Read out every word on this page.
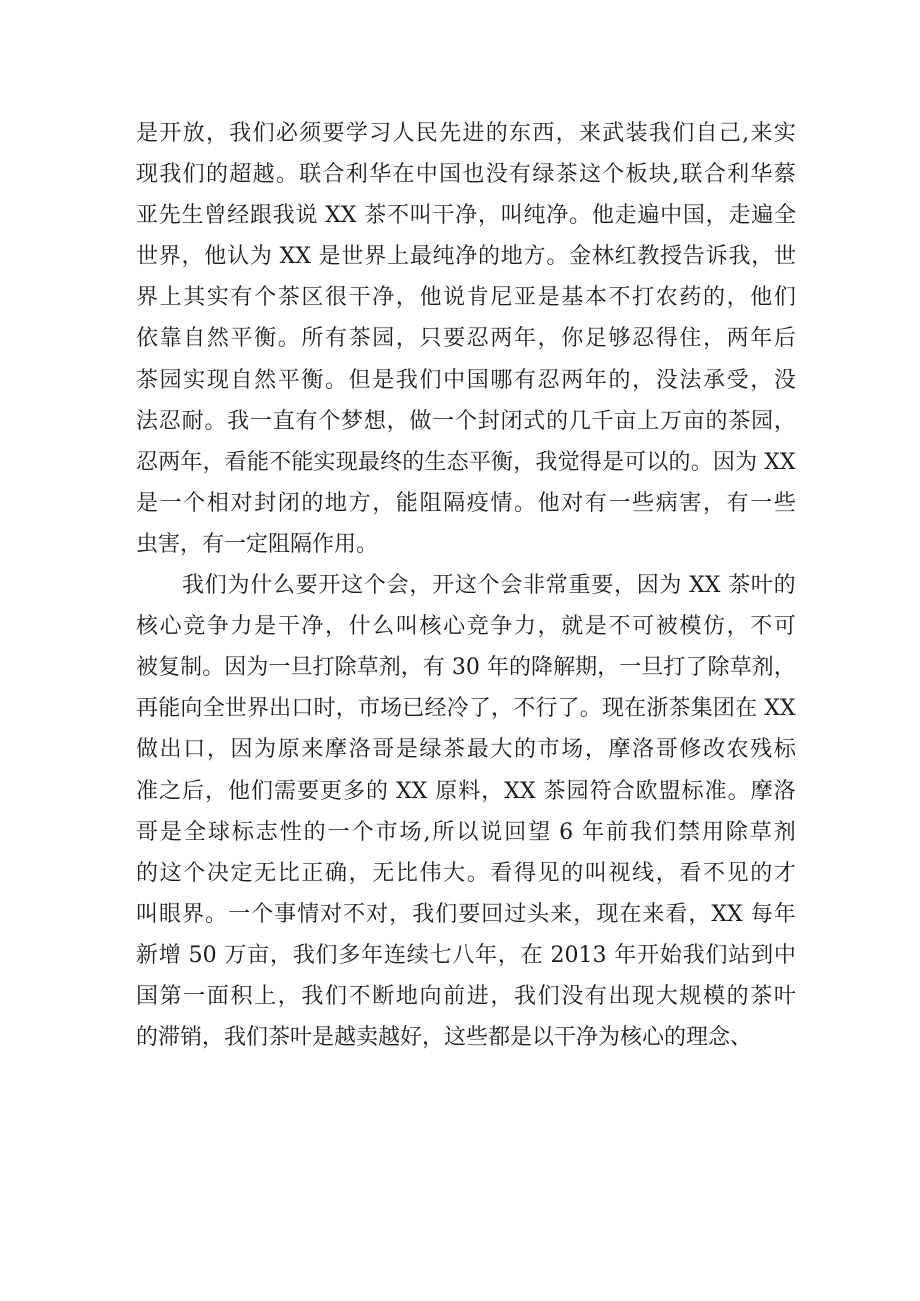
是 开 放 ， 我 们 必 须 要 学 习 人 民 先 进 的 东 西 ， 来 武 装 我 们 自 己 , 来 实
现 我 们 的 超 越 。 联 合 利 华 在 中 国 也 没 有 绿 茶 这 个 板 块 , 联 合 利 华 蔡
亚 先 生 曾 经 跟 我 说 XX 茶 不 叫 干 净 ， 叫 纯 净 。 他 走 遍 中 国 ， 走 遍 全
世 界 ， 他 认 为 XX 是 世 界 上 最 纯 净 的 地 方 。 金 林 红 教 授 告 诉 我 ， 世
界 上 其 实 有 个 茶 区 很 干 净 ， 他 说 肯 尼 亚 是 基 本 不 打 农 药 的 ， 他 们
依 靠 自 然 平 衡 。 所 有 茶 园 ， 只 要 忍 两 年 ， 你 足 够 忍 得 住 ， 两 年 后
茶 园 实 现 自 然 平 衡 。 但 是 我 们 中 国 哪 有 忍 两 年 的 ， 没 法 承 受 ， 没
法 忍 耐 。 我 一 直 有 个 梦 想 ， 做 一 个 封 闭 式 的 几 千 亩 上 万 亩 的 茶 园 ，
忍 两 年 ， 看 能 不 能 实 现 最 终 的 生 态 平 衡 ， 我 觉 得 是 可 以 的 。 因 为 XX
是 一 个 相 对 封 闭 的 地 方 ， 能 阻 隔 疫 情 。 他 对 有 一 些 病 害 ， 有 一 些
虫害，有一定阻隔作用。
我 们 为 什 么 要 开 这 个 会 ， 开 这 个 会 非 常 重 要 ， 因 为 XX 茶 叶 的
核 心 竞 争 力 是 干 净 ， 什 么 叫 核 心 竞 争 力 ， 就 是 不 可 被 模 仿 ， 不 可
被 复 制 。 因 为 一 旦 打 除 草 剂 ， 有 30 年 的 降 解 期 ， 一 旦 打 了 除 草 剂 ，
再 能 向 全 世 界 出 口 时 ， 市 场 已 经 冷 了 ， 不 行 了 。 现 在 浙 茶 集 团 在 XX
做 出 口 ， 因 为 原 来 摩 洛 哥 是 绿 茶 最 大 的 市 场 ， 摩 洛 哥 修 改 农 残 标
准 之 后 ， 他 们 需 要 更 多 的 XX 原 料 ， XX 茶 园 符 合 欧 盟 标 准 。 摩 洛
哥 是 全 球 标 志 性 的 一 个 市 场 , 所 以 说 回 望 6 年 前 我 们 禁 用 除 草 剂
的 这 个 决 定 无 比 正 确 ， 无 比 伟 大 。 看 得 见 的 叫 视 线 ， 看 不 见 的 才
叫 眼 界 。 一 个 事 情 对 不 对 ， 我 们 要 回 过 头 来 ， 现 在 来 看 ， XX 每 年
新 增 50 万 亩 ， 我 们 多 年 连 续 七 八 年 ， 在 2013 年 开 始 我 们 站 到 中
国 第 一 面 积 上 ， 我 们 不 断 地 向 前 进 ， 我 们 没 有 出 现 大 规 模 的 茶 叶
的滞销，我们茶叶是越卖越好，这些都是以干净为核心的理念、
